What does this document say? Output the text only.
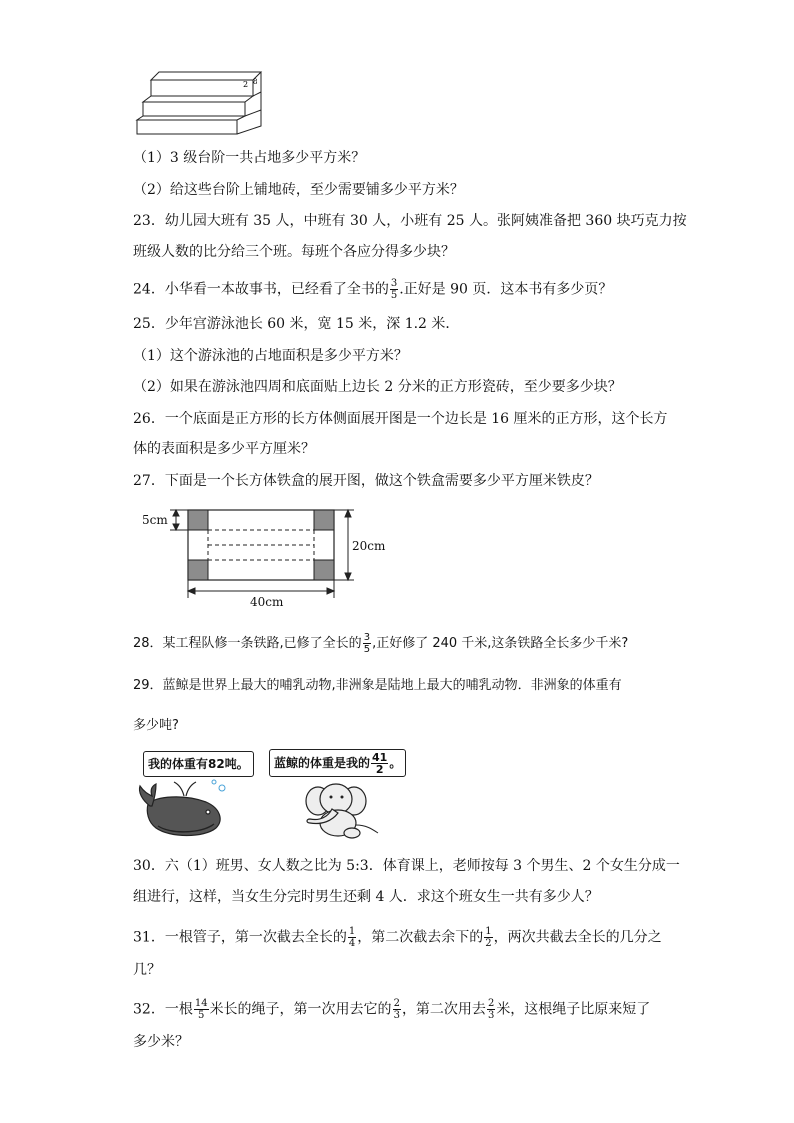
2 8
（1）3 级台阶一共占地多少平方米？
（2）给这些台阶上铺地砖，至少需要铺多少平方米？
23．幼儿园大班有 35 人，中班有 30 人，小班有 25 人。张阿姨准备把 360 块巧克力按
班级人数的比分给三个班。每班个各应分得多少块？
24．小华看一本故事书，已经看了全书的 $\frac{3}{5}$ .正好是 90 页．这本书有多少页？
25．少年宫游泳池长 60 米，宽 15 米，深 1.2 米．
（1）这个游泳池的占地面积是多少平方米？
（2）如果在游泳池四周和底面贴上边长 2 分米的正方形瓷砖，至少要多少块？
26．一个底面是正方形的长方体侧面展开图是一个边长是 16 厘米的正方形，这个长方
体的表面积是多少平方厘米？
27．下面是一个长方体铁盒的展开图，做这个铁盒需要多少平方厘米铁皮？
5cm
20cm
40cm
28．某工程队修一条铁路,已修了全长的 $\frac{3}{5}$ ,正好修了 240 千米,这条铁路全长多少千米?
29．蓝鲸是世界上最大的哺乳动物,非洲象是陆地上最大的哺乳动物．非洲象的体重有
多少吨?
我的体重有82吨。	蓝鲸的体重是我的 $\frac{41}{2}$ 。
30．六（1）班男、女人数之比为 5:3．体育课上，老师按每 3 个男生、2 个女生分成一
组进行，这样，当女生分完时男生还剩 4 人．求这个班女生一共有多少人？
31．一根管子，第一次截去全长的 $\frac{1}{4}$ ，第二次截去余下的 $\frac{1}{2}$ ，两次共截去全长的几分之
几？
32．一根 $\frac{14}{5}$ 米长的绳子，第一次用去它的 $\frac{2}{3}$ ，第二次用去 $\frac{2}{3}$ 米，这根绳子比原来短了
多少米？
